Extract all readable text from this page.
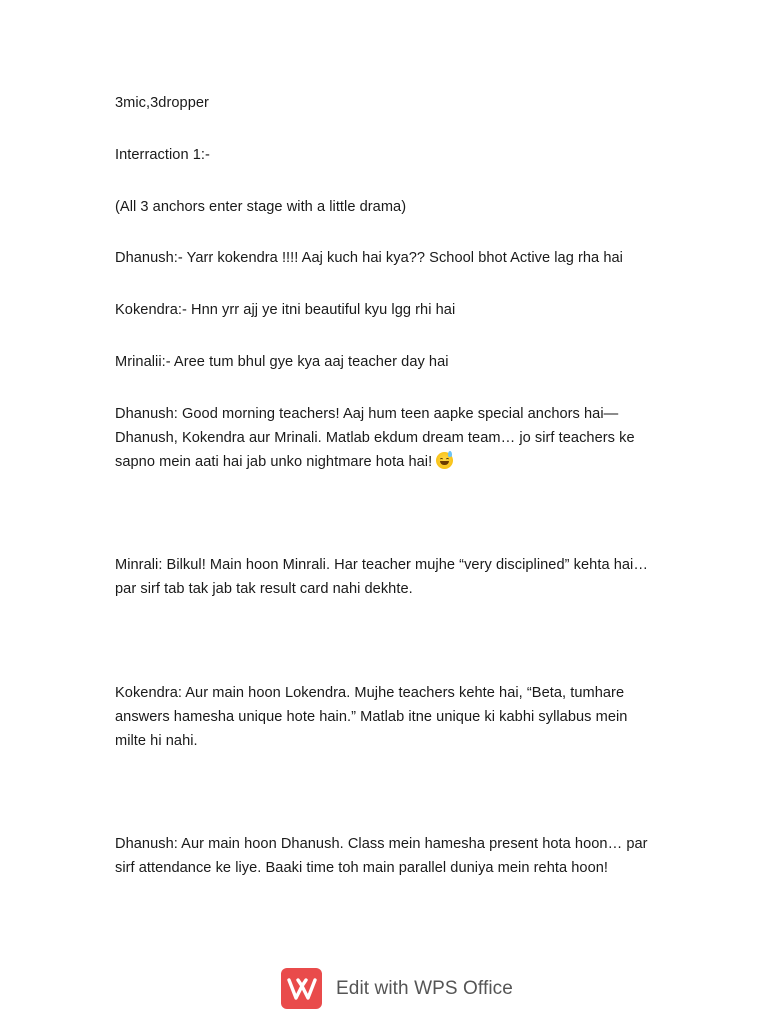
3mic,3dropper

Interraction 1:-

(All 3 anchors enter stage with a little drama)

Dhanush:- Yarr kokendra !!!! Aaj kuch hai kya?? School bhot Active lag rha hai

Kokendra:- Hnn yrr ajj ye itni beautiful kyu lgg rhi hai

Mrinalii:- Aree tum bhul gye kya aaj teacher day hai

Dhanush: Good morning teachers! Aaj hum teen aapke special anchors hai—Dhanush, Kokendra aur Mrinali. Matlab ekdum dream team… jo sirf teachers ke sapno mein aati hai jab unko nightmare hota hai!

Minrali: Bilkul! Main hoon Minrali. Har teacher mujhe “very disciplined” kehta hai… par sirf tab tak jab tak result card nahi dekhte.

Kokendra: Aur main hoon Lokendra. Mujhe teachers kehte hai, “Beta, tumhare answers hamesha unique hote hain.” Matlab itne unique ki kabhi syllabus mein milte hi nahi.

Dhanush: Aur main hoon Dhanush. Class mein hamesha present hota hoon… par sirf attendance ke liye. Baaki time toh main parallel duniya mein rehta hoon!

Edit with WPS Office
